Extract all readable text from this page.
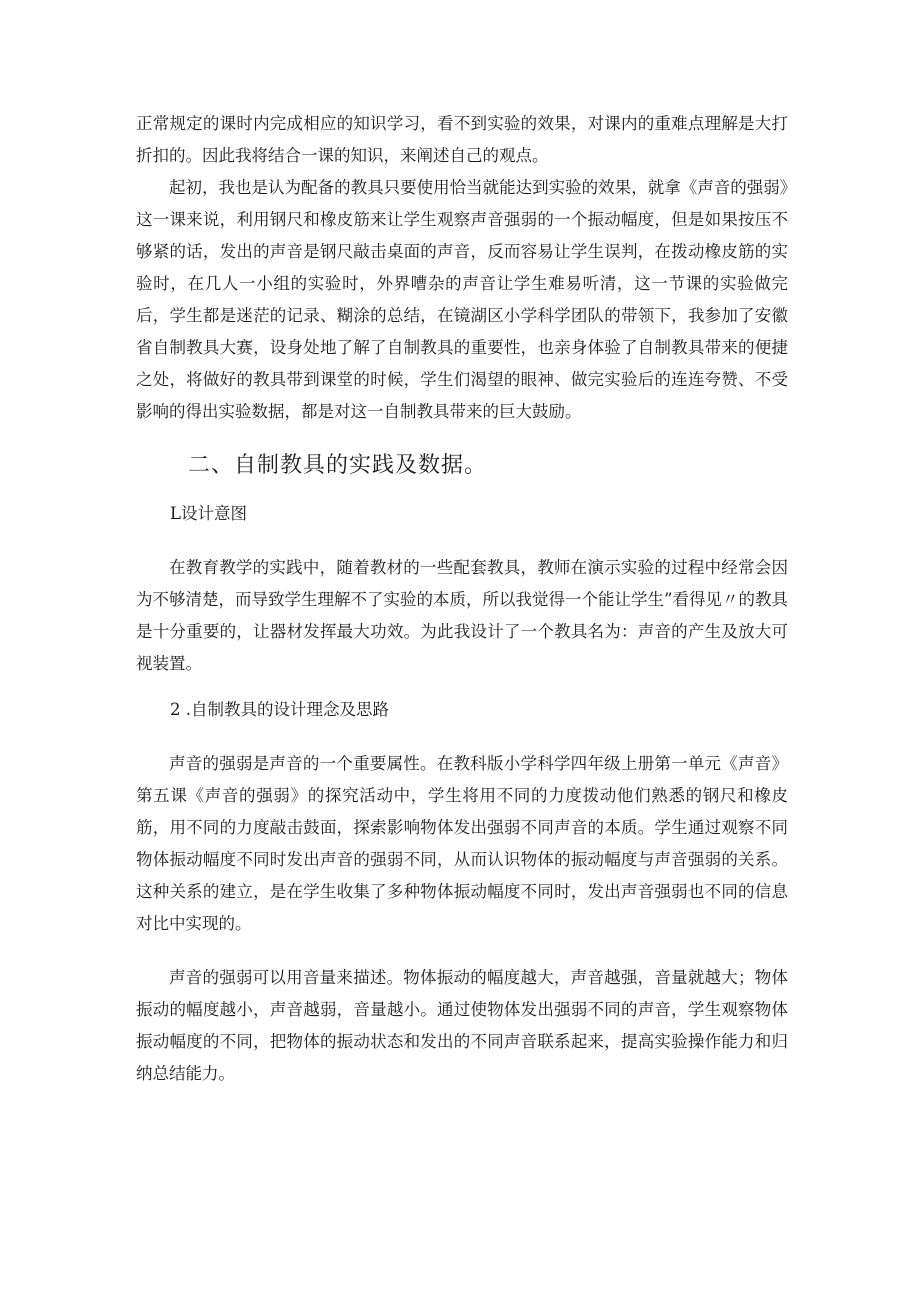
正常规定的课时内完成相应的知识学习，看不到实验的效果，对课内的重难点理解是大打折扣的。因此我将结合一课的知识，来阐述自己的观点。

起初，我也是认为配备的教具只要使用恰当就能达到实验的效果，就拿《声音的强弱》这一课来说，利用钢尺和橡皮筋来让学生观察声音强弱的一个振动幅度，但是如果按压不够紧的话，发出的声音是钢尺敲击桌面的声音，反而容易让学生误判，在拨动橡皮筋的实验时，在几人一小组的实验时，外界嘈杂的声音让学生难易听清，这一节课的实验做完后，学生都是迷茫的记录、糊涂的总结，在镜湖区小学科学团队的带领下，我参加了安徽省自制教具大赛，设身处地了解了自制教具的重要性，也亲身体验了自制教具带来的便捷之处，将做好的教具带到课堂的时候，学生们渴望的眼神、做完实验后的连连夸赞、不受影响的得出实验数据，都是对这一自制教具带来的巨大鼓励。

二、自制教具的实践及数据。
L设计意图

在教育教学的实践中，随着教材的一些配套教具，教师在演示实验的过程中经常会因为不够清楚，而导致学生理解不了实验的本质，所以我觉得一个能让学生”看得见〃的教具是十分重要的，让器材发挥最大功效。为此我设计了一个教具名为：声音的产生及放大可视装置。

2 .自制教具的设计理念及思路

声音的强弱是声音的一个重要属性。在教科版小学科学四年级上册第一单元《声音》第五课《声音的强弱》的探究活动中，学生将用不同的力度拨动他们熟悉的钢尺和橡皮筋，用不同的力度敲击鼓面，探索影响物体发出强弱不同声音的本质。学生通过观察不同物体振动幅度不同时发出声音的强弱不同，从而认识物体的振动幅度与声音强弱的关系。这种关系的建立，是在学生收集了多种物体振动幅度不同时，发出声音强弱也不同的信息对比中实现的。

声音的强弱可以用音量来描述。物体振动的幅度越大，声音越强，音量就越大；物体振动的幅度越小，声音越弱，音量越小。通过使物体发出强弱不同的声音，学生观察物体振动幅度的不同，把物体的振动状态和发出的不同声音联系起来，提高实验操作能力和归纳总结能力。
